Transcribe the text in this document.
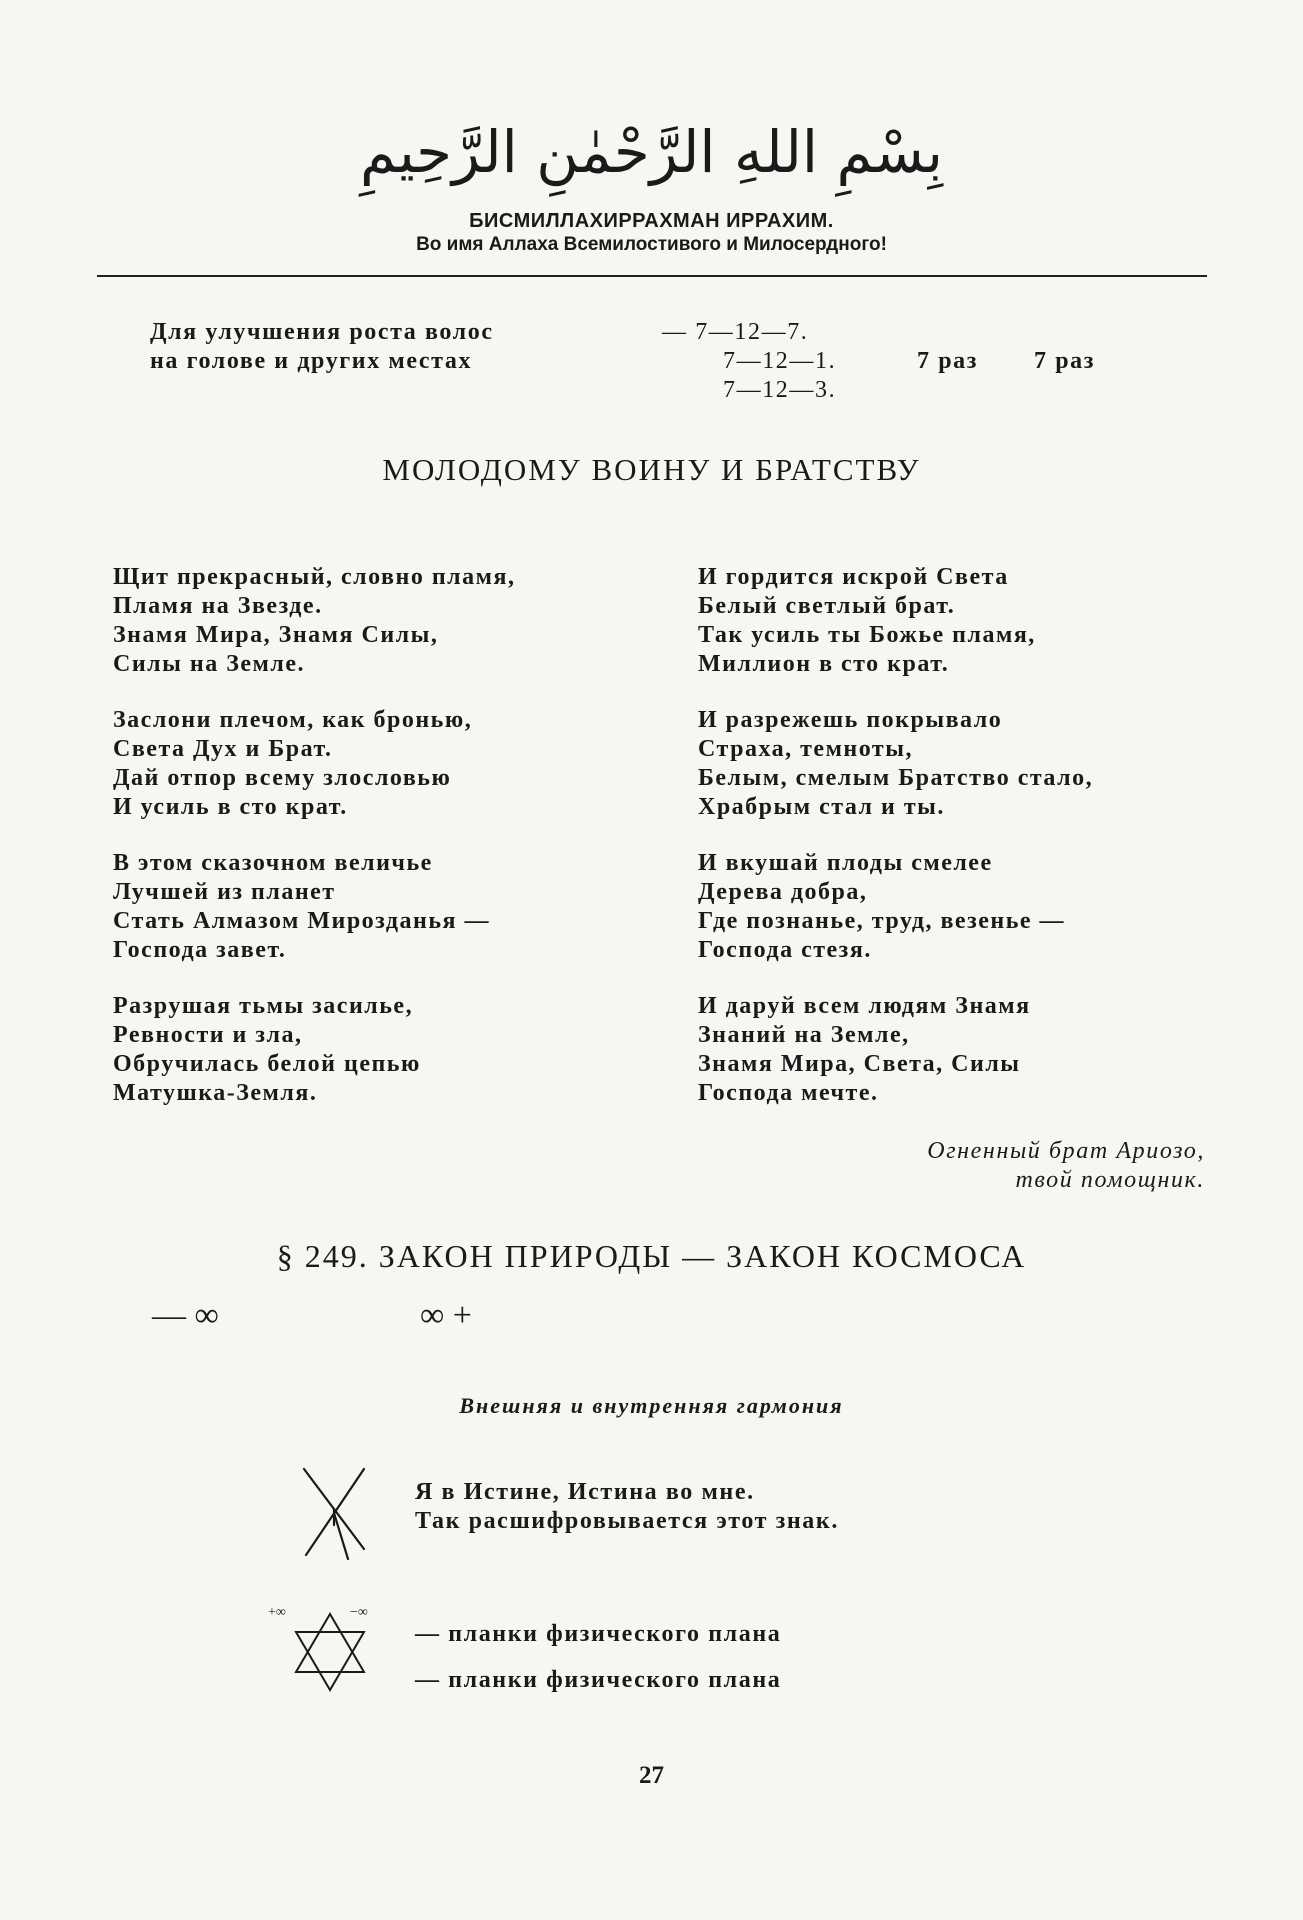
بِسْمِ اللهِ الرَّحْمٰنِ الرَّحِيمِ
БИСМИЛЛАХИРРАХМАН ИРРАХИМ.
Во имя Аллаха Всемилостивого и Милосердного!
Для улучшения роста волос
на голове и других местах
— 7—12—7.
7—12—1.
7—12—3.
7 раз 7 раз
МОЛОДОМУ ВОИНУ И БРАТСТВУ
Щит прекрасный, словно пламя,
Пламя на Звезде.
Знамя Мира, Знамя Силы,
Силы на Земле.
Заслони плечом, как бронью,
Света Дух и Брат.
Дай отпор всему злословью
И усиль в сто крат.
В этом сказочном величье
Лучшей из планет
Стать Алмазом Мирозданья —
Господа завет.
Разрушая тьмы засилье,
Ревности и зла,
Обручилась белой цепью
Матушка-Земля.
И гордится искрой Света
Белый светлый брат.
Так усиль ты Божье пламя,
Миллион в сто крат.
И разрежешь покрывало
Страха, темноты,
Белым, смелым Братство стало,
Храбрым стал и ты.
И вкушай плоды смелее
Дерева добра,
Где познанье, труд, везенье —
Господа стезя.
И даруй всем людям Знамя
Знаний на Земле,
Знамя Мира, Света, Силы
Господа мечте.
Огненный брат Ариозо,
твой помощник.
§ 249. ЗАКОН ПРИРОДЫ — ЗАКОН КОСМОСА
— ∞	∞ +
Внешняя и внутренняя гармония
Я в Истине, Истина во мне.
Так расшифровывается этот знак.
+∞	−∞
— планки физического плана
— планки физического плана
27
